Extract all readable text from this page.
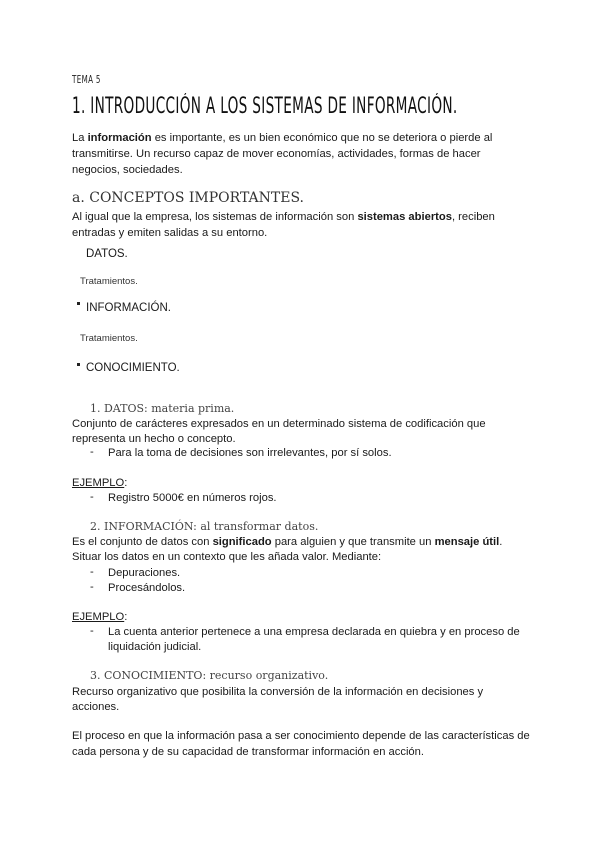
TEMA 5
1. INTRODUCCIÓN A LOS SISTEMAS DE INFORMACIÓN.
La información es importante, es un bien económico que no se deteriora o pierde al
transmitirse. Un recurso capaz de mover economías, actividades, formas de hacer
negocios, sociedades.
a. CONCEPTOS IMPORTANTES.
Al igual que la empresa, los sistemas de información son sistemas abiertos, reciben
entradas y emiten salidas a su entorno.
DATOS.
Tratamientos.
INFORMACIÓN.
Tratamientos.
CONOCIMIENTO.
1. DATOS: materia prima.
Conjunto de carácteres expresados en un determinado sistema de codificación que
representa un hecho o concepto.
- Para la toma de decisiones son irrelevantes, por sí solos.
EJEMPLO:
- Registro 5000€ en números rojos.
2. INFORMACIÓN: al transformar datos.
Es el conjunto de datos con significado para alguien y que transmite un mensaje útil.
Situar los datos en un contexto que les añada valor. Mediante:
- Depuraciones.
- Procesándolos.
EJEMPLO:
- La cuenta anterior pertenece a una empresa declarada en quiebra y en proceso de
liquidación judicial.
3. CONOCIMIENTO: recurso organizativo.
Recurso organizativo que posibilita la conversión de la información en decisiones y
acciones.
El proceso en que la información pasa a ser conocimiento depende de las características de
cada persona y de su capacidad de transformar información en acción.
